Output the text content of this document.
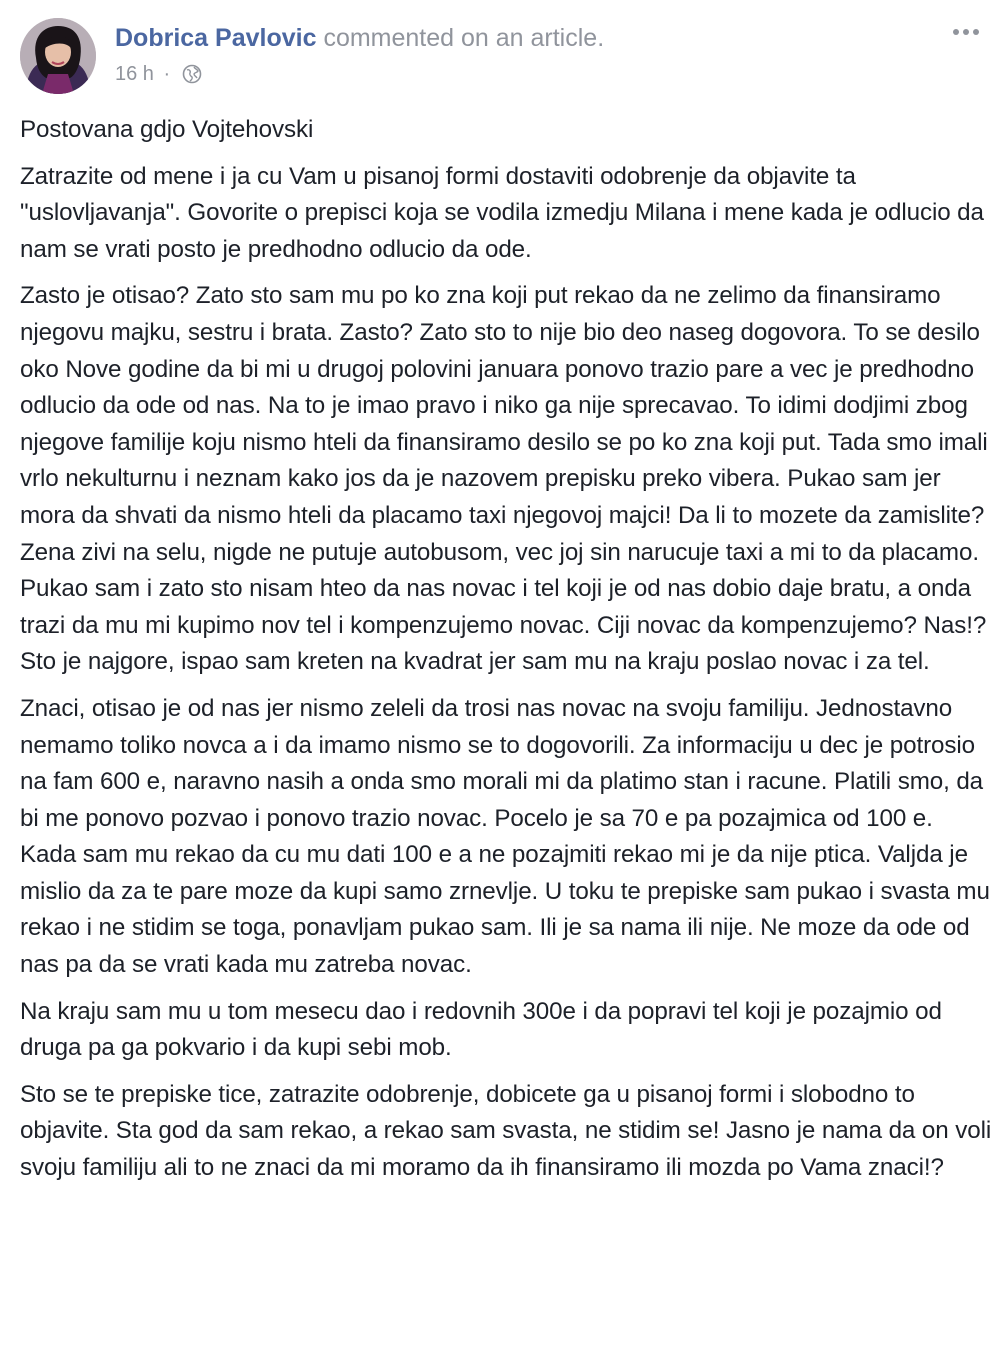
Dobrica Pavlovic commented on an article.
16 h ·

Postovana gdjo Vojtehovski

Zatrazite od mene i ja cu Vam u pisanoj formi dostaviti odobrenje da objavite ta "uslovljavanja". Govorite o prepisci koja se vodila izmedju Milana i mene kada je odlucio da nam se vrati posto je predhodno odlucio da ode.

Zasto je otisao? Zato sto sam mu po ko zna koji put rekao da ne zelimo da finansiramo njegovu majku, sestru i brata. Zasto? Zato sto to nije bio deo naseg dogovora. To se desilo oko Nove godine da bi mi u drugoj polovini januara ponovo trazio pare a vec je predhodno odlucio da ode od nas. Na to je imao pravo i niko ga nije sprecavao. To idimi dodjimi zbog njegove familije koju nismo hteli da finansiramo desilo se po ko zna koji put. Tada smo imali vrlo nekulturnu i neznam kako jos da je nazovem prepisku preko vibera. Pukao sam jer mora da shvati da nismo hteli da placamo taxi njegovoj majci! Da li to mozete da zamislite? Zena zivi na selu, nigde ne putuje autobusom, vec joj sin narucuje taxi a mi to da placamo. Pukao sam i zato sto nisam hteo da nas novac i tel koji je od nas dobio daje bratu, a onda trazi da mu mi kupimo nov tel i kompenzujemo novac. Ciji novac da kompenzujemo? Nas!? Sto je najgore, ispao sam kreten na kvadrat jer sam mu na kraju poslao novac i za tel.

Znaci, otisao je od nas jer nismo zeleli da trosi nas novac na svoju familiju. Jednostavno nemamo toliko novca a i da imamo nismo se to dogovorili. Za informaciju u dec je potrosio na fam 600 e, naravno nasih a onda smo morali mi da platimo stan i racune. Platili smo, da bi me ponovo pozvao i ponovo trazio novac. Pocelo je sa 70 e pa pozajmica od 100 e. Kada sam mu rekao da cu mu dati 100 e a ne pozajmiti rekao mi je da nije ptica. Valjda je mislio da za te pare moze da kupi samo zrnevlje. U toku te prepiske sam pukao i svasta mu rekao i ne stidim se toga, ponavljam pukao sam. Ili je sa nama ili nije. Ne moze da ode od nas pa da se vrati kada mu zatreba novac.

Na kraju sam mu u tom mesecu dao i redovnih 300e i da popravi tel koji je pozajmio od druga pa ga pokvario i da kupi sebi mob.

Sto se te prepiske tice, zatrazite odobrenje, dobicete ga u pisanoj formi i slobodno to objavite. Sta god da sam rekao, a rekao sam svasta, ne stidim se! Jasno je nama da on voli svoju familiju ali to ne znaci da mi moramo da ih finansiramo ili mozda po Vama znaci!?
